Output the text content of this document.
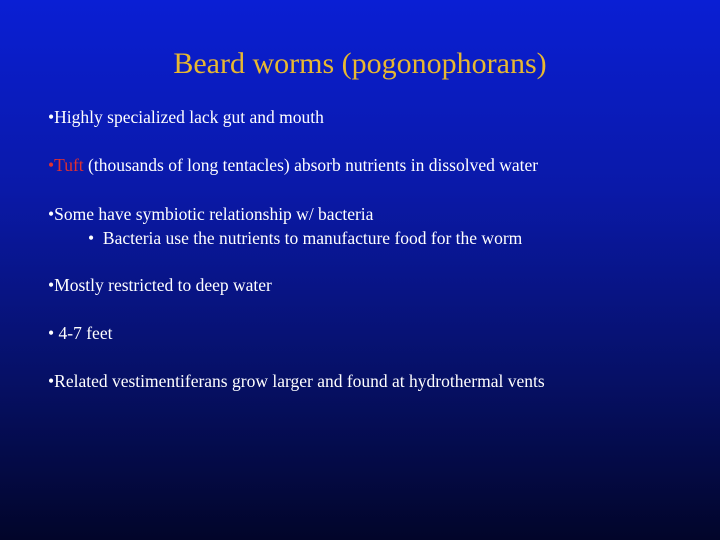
Beard worms (pogonophorans)
•Highly specialized lack gut and mouth
•Tuft (thousands of long tentacles) absorb nutrients in dissolved water
•Some have symbiotic relationship w/ bacteria
• Bacteria use the nutrients to manufacture food for the worm
•Mostly restricted to deep water
• 4-7 feet
•Related vestimentiferans grow larger and found at hydrothermal vents
